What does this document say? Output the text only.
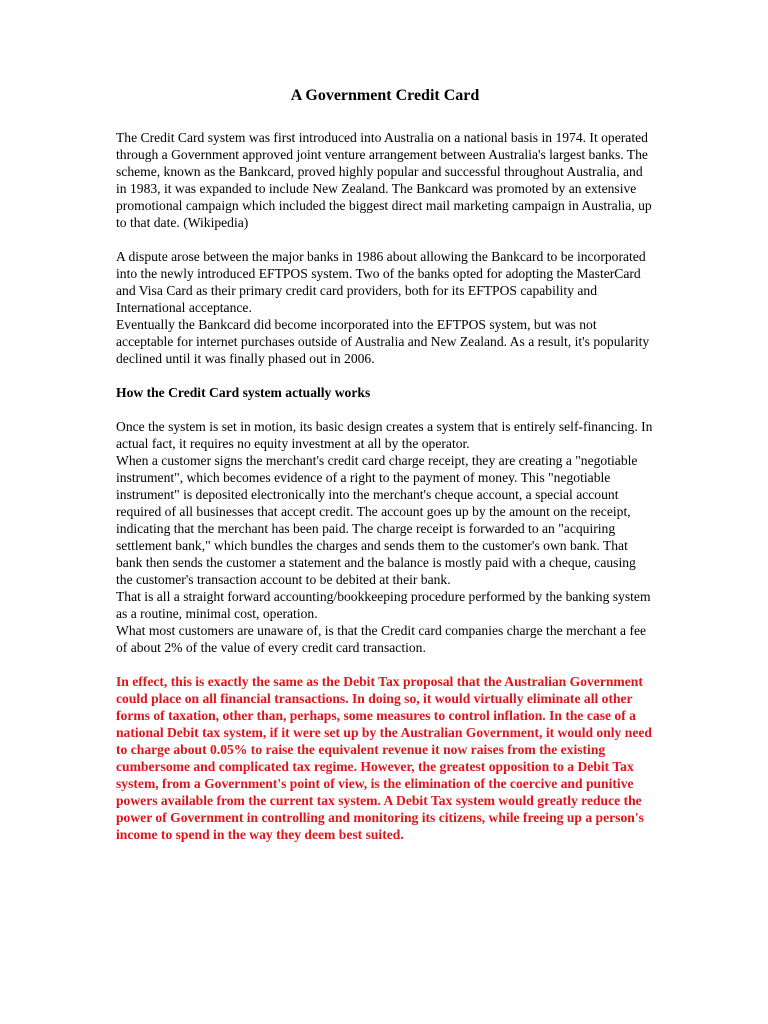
A Government Credit Card

The Credit Card system was first introduced into Australia on a national basis in 1974. It operated through a Government approved joint venture arrangement between Australia's largest banks. The scheme, known as the Bankcard, proved highly popular and successful throughout Australia, and in 1983, it was expanded to include New Zealand. The Bankcard was promoted by an extensive promotional campaign which included the biggest direct mail marketing campaign in Australia, up to that date. (Wikipedia)

A dispute arose between the major banks in 1986 about allowing the Bankcard to be incorporated into the newly introduced EFTPOS system. Two of the banks opted for adopting the MasterCard and Visa Card as their primary credit card providers, both for its EFTPOS capability and International acceptance.

Eventually the Bankcard did become incorporated into the EFTPOS system, but was not acceptable for internet purchases outside of Australia and New Zealand. As a result, it's popularity declined until it was finally phased out in 2006.

How the Credit Card system actually works

Once the system is set in motion, its basic design creates a system that is entirely self-financing. In actual fact, it requires no equity investment at all by the operator.

When a customer signs the merchant's credit card charge receipt, they are creating a "negotiable instrument", which becomes evidence of a right to the payment of money. This "negotiable instrument" is deposited electronically into the merchant's cheque account, a special account required of all businesses that accept credit. The account goes up by the amount on the receipt, indicating that the merchant has been paid. The charge receipt is forwarded to an "acquiring settlement bank," which bundles the charges and sends them to the customer's own bank. That bank then sends the customer a statement and the balance is mostly paid with a cheque, causing the customer's transaction account to be debited at their bank.

That is all a straight forward accounting/bookkeeping procedure performed by the banking system as a routine, minimal cost, operation.

What most customers are unaware of, is that the Credit card companies charge the merchant a fee of about 2% of the value of every credit card transaction.

In effect, this is exactly the same as the Debit Tax proposal that the Australian Government could place on all financial transactions. In doing so, it would virtually eliminate all other forms of taxation, other than, perhaps, some measures to control inflation. In the case of a national Debit tax system, if it were set up by the Australian Government, it would only need to charge about 0.05% to raise the equivalent revenue it now raises from the existing cumbersome and complicated tax regime. However, the greatest opposition to a Debit Tax system, from a Government's point of view, is the elimination of the coercive and punitive powers available from the current tax system. A Debit Tax system would greatly reduce the power of Government in controlling and monitoring its citizens, while freeing up a person's income to spend in the way they deem best suited.
